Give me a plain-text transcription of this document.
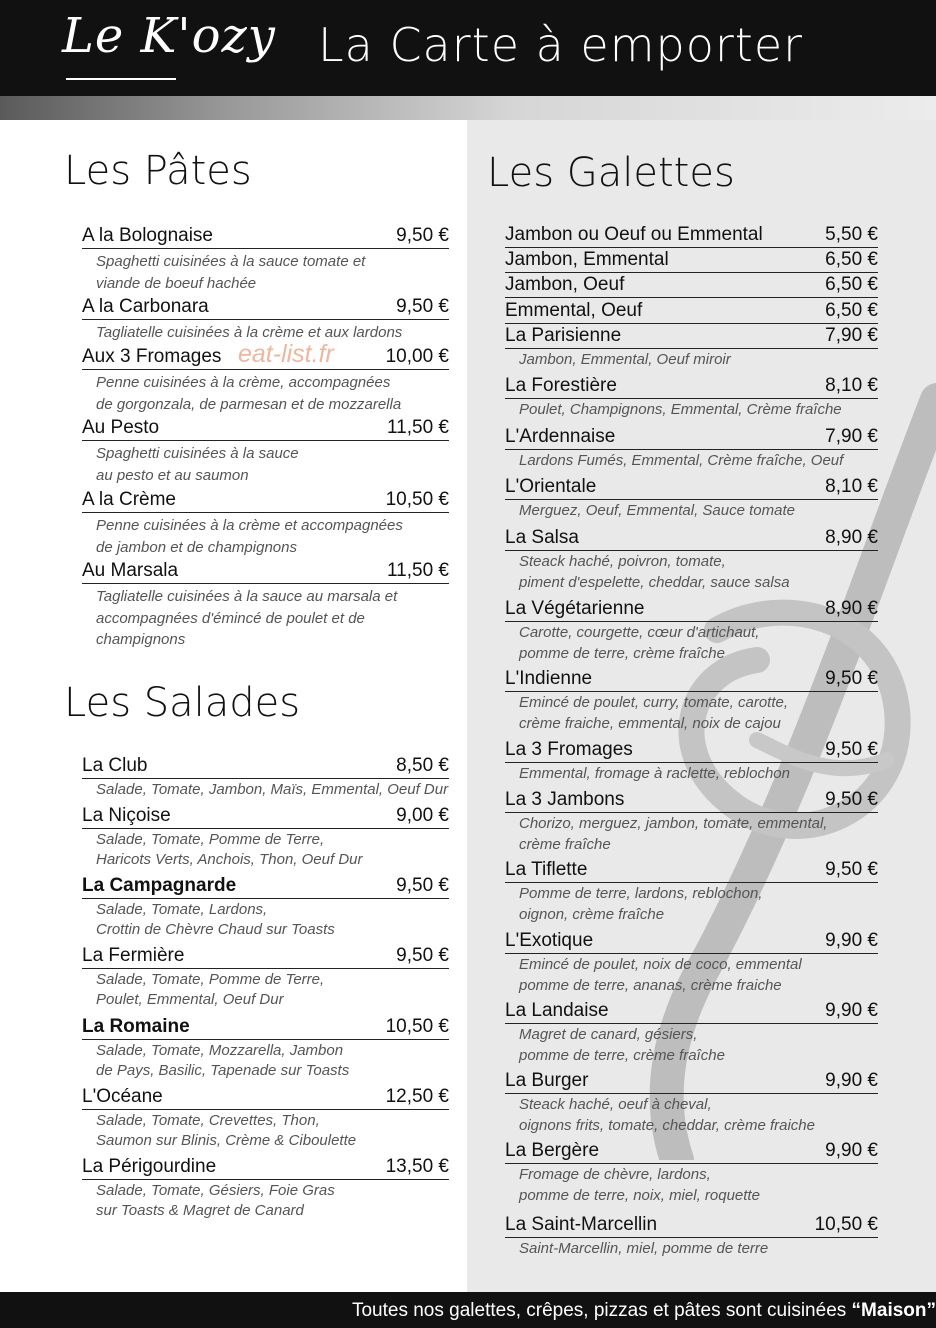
Le K'ozy La Carte à emporter
Les Pâtes
A la Bolognaise	9,50 €
Spaghetti cuisinées à la sauce tomate et
viande de boeuf hachée
A la Carbonara	9,50 €
Tagliatelle cuisinées à la crème et aux lardons
Aux 3 Fromages	10,00 €
Penne cuisinées à la crème, accompagnées
de gorgonzala, de parmesan et de mozzarella
Au Pesto	11,50 €
Spaghetti cuisinées à la sauce
au pesto et au saumon
A la Crème	10,50 €
Penne cuisinées à la crème et accompagnées
de jambon et de champignons
Au Marsala	11,50 €
Tagliatelle cuisinées à la sauce au marsala et
accompagnées d'émincé de poulet et de
champignons
Les Salades
La Club	8,50 €
Salade, Tomate, Jambon, Maïs, Emmental, Oeuf Dur
La Niçoise	9,00 €
Salade, Tomate, Pomme de Terre,
Haricots Verts, Anchois, Thon, Oeuf Dur
La Campagnarde	9,50 €
Salade, Tomate, Lardons,
Crottin de Chèvre Chaud sur Toasts
La Fermière	9,50 €
Salade, Tomate, Pomme de Terre,
Poulet, Emmental, Oeuf Dur
La Romaine	10,50 €
Salade, Tomate, Mozzarella, Jambon
de Pays, Basilic, Tapenade sur Toasts
L'Océane	12,50 €
Salade, Tomate, Crevettes, Thon,
Saumon sur Blinis, Crème & Ciboulette
La Périgourdine	13,50 €
Salade, Tomate, Gésiers, Foie Gras
sur Toasts & Magret de Canard
Les Galettes
Jambon ou Oeuf ou Emmental	5,50 €
Jambon, Emmental	6,50 €
Jambon, Oeuf	6,50 €
Emmental, Oeuf	6,50 €
La Parisienne	7,90 €
Jambon, Emmental, Oeuf miroir
La Forestière	8,10 €
Poulet, Champignons, Emmental, Crème fraîche
L'Ardennaise	7,90 €
Lardons Fumés, Emmental, Crème fraîche, Oeuf
L'Orientale	8,10 €
Merguez, Oeuf, Emmental, Sauce tomate
La Salsa	8,90 €
Steack haché, poivron, tomate,
piment d'espelette, cheddar, sauce salsa
La Végétarienne	8,90 €
Carotte, courgette, cœur d'artichaut,
pomme de terre, crème fraîche
L'Indienne	9,50 €
Emincé de poulet, curry, tomate, carotte,
crème fraiche, emmental, noix de cajou
La 3 Fromages	9,50 €
Emmental, fromage à raclette, reblochon
La 3 Jambons	9,50 €
Chorizo, merguez, jambon, tomate, emmental,
crème fraîche
La Tiflette	9,50 €
Pomme de terre, lardons, reblochon,
oignon, crème fraîche
L'Exotique	9,90 €
Emincé de poulet, noix de coco, emmental
pomme de terre, ananas, crème fraiche
La Landaise	9,90 €
Magret de canard, gésiers,
pomme de terre, crème fraîche
La Burger	9,90 €
Steack haché, oeuf à cheval,
oignons frits, tomate, cheddar, crème fraiche
La Bergère	9,90 €
Fromage de chèvre, lardons,
pomme de terre, noix, miel, roquette
La Saint-Marcellin	10,50 €
Saint-Marcellin, miel, pomme de terre
eat-list.fr
Toutes nos galettes, crêpes, pizzas et pâtes sont cuisinées “Maison”
